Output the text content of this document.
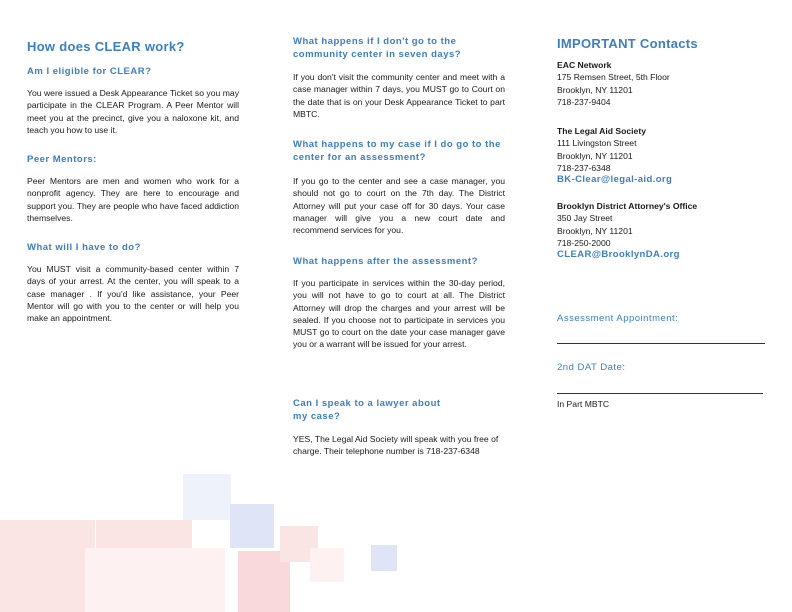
How does CLEAR work?
Am I eligible for CLEAR?

You were issued a Desk Appearance Ticket so you may participate in the CLEAR Program. A Peer Mentor will meet you at the precinct, give you a naloxone kit, and teach you how to use it.

Peer Mentors:

Peer Mentors are men and women who work for a nonprofit agency. They are here to encourage and support you. They are people who have faced addiction themselves.

What will I have to do?

You MUST visit a community-based center within 7 days of your arrest. At the center, you will speak to a case manager . If you'd like assistance, your Peer Mentor will go with you to the center or will help you make an appointment.

What happens if I don't go to the
community center in seven days?

If you don't visit the community center and meet with a case manager within 7 days, you MUST go to Court on the date that is on your Desk Appearance Ticket to part MBTC.

What happens to my case if I do go to the
center for an assessment?

If you go to the center and see a case manager, you should not go to court on the 7th day. The District Attorney will put your case off for 30 days. Your case manager will give you a new court date and recommend services for you.

What happens after the assessment?

If you participate in services within the 30-day period, you will not have to go to court at all. The District Attorney will drop the charges and your arrest will be sealed. If you choose not to participate in services you MUST go to court on the date your case manager gave you or a warrant will be issued for your arrest.

Can I speak to a lawyer about
my case?

YES, The Legal Aid Society will speak with you free of charge. Their telephone number is 718-237-6348

IMPORTANT Contacts
EAC Network
175 Remsen Street, 5th Floor
Brooklyn, NY 11201
718-237-9404
The Legal Aid Society
111 Livingston Street
Brooklyn, NY 11201
718-237-6348
BK-Clear@legal-aid.org
Brooklyn District Attorney's Office
350 Jay Street
Brooklyn, NY 11201
718-250-2000
CLEAR@BrooklynDA.org
Assessment Appointment:
2nd DAT Date:
In Part MBTC
